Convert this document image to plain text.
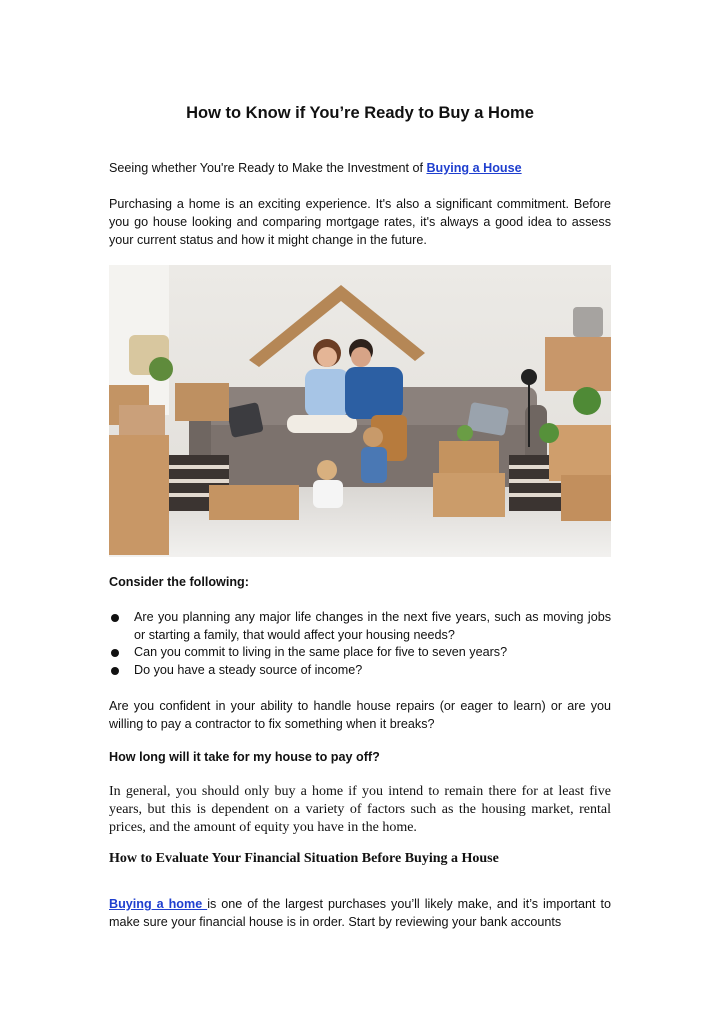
How to Know if You’re Ready to Buy a Home
Seeing whether You're Ready to Make the Investment of Buying a House
Purchasing a home is an exciting experience. It's also a significant commitment. Before you go house looking and comparing mortgage rates, it's always a good idea to assess your current status and how it might change in the future.
Consider the following:
Are you planning any major life changes in the next five years, such as moving jobs or starting a family, that would affect your housing needs?
Can you commit to living in the same place for five to seven years?
Do you have a steady source of income?
Are you confident in your ability to handle house repairs (or eager to learn) or are you willing to pay a contractor to fix something when it breaks?
How long will it take for my house to pay off?
In general, you should only buy a home if you intend to remain there for at least five years, but this is dependent on a variety of factors such as the housing market, rental prices, and the amount of equity you have in the home.
How to Evaluate Your Financial Situation Before Buying a House
Buying a home is one of the largest purchases you’ll likely make, and it’s important to make sure your financial house is in order. Start by reviewing your bank accounts
